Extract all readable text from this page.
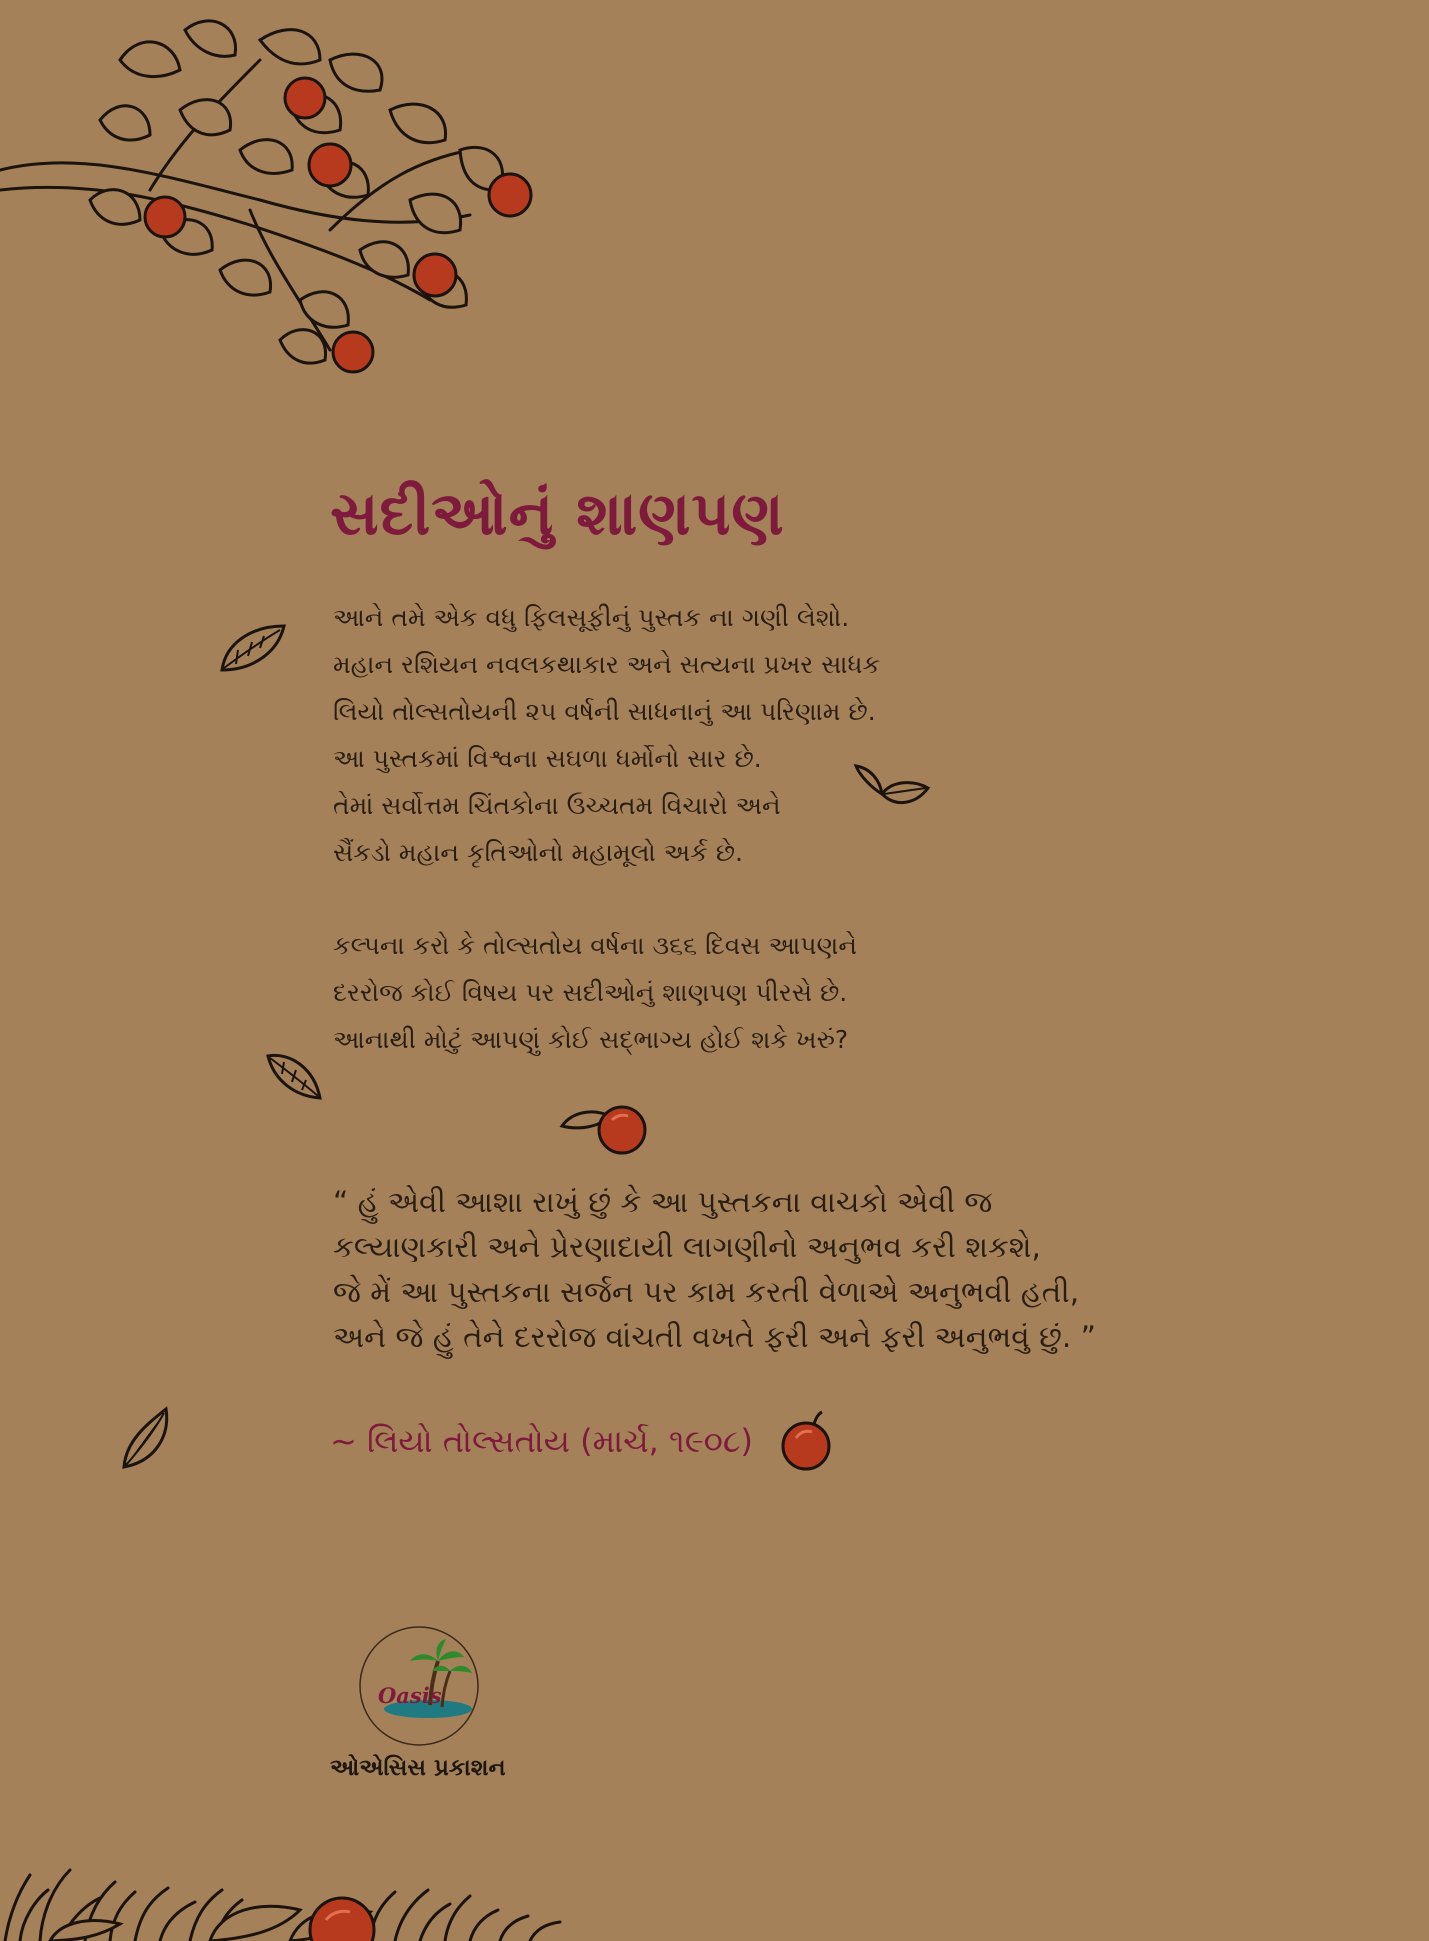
સદીઓનું શાણપણ
આને તમે એક વધુ ફિલસૂફીનું પુસ્તક ના ગણી લેશો.
મહાન રશિયન નવલકથાકાર અને સત્યના પ્રખર સાધક
લિયો તોલ્સતોયની ૨૫ વર્ષની સાધનાનું આ પરિણામ છે.
આ પુસ્તકમાં વિશ્વના સઘળા ધર્મોનો સાર છે.
તેમાં સર્વોત્તમ ચિંતકોના ઉચ્ચતમ વિચારો અને
સૈંકડો મહાન કૃતિઓનો મહામૂલો અર્ક છે.
કલ્પના કરો કે તોલ્સતોય વર્ષના ૩૬૬ દિવસ આપણને
દરરોજ કોઈ વિષય પર સદીઓનું શાણપણ પીરસે છે.
આનાથી મોટું આપણું કોઈ સદ્ભાગ્ય હોઈ શકે ખરું?
“ હું એવી આશા રાખું છું કે આ પુસ્તકના વાચકો એવી જ
કલ્યાણકારી અને પ્રેરણાદાયી લાગણીનો અનુભવ કરી શકશે,
જે મેં આ પુસ્તકના સર્જન પર કામ કરતી વેળાએ અનુભવી હતી,
અને જે હું તેને દરરોજ વાંચતી વખતે ફરી અને ફરી અનુભવું છું. ”
~ લિયો તોલ્સતોય (માર્ચ, ૧૯૦૮)
Oasis
ઓએસિસ પ્રકાશન
